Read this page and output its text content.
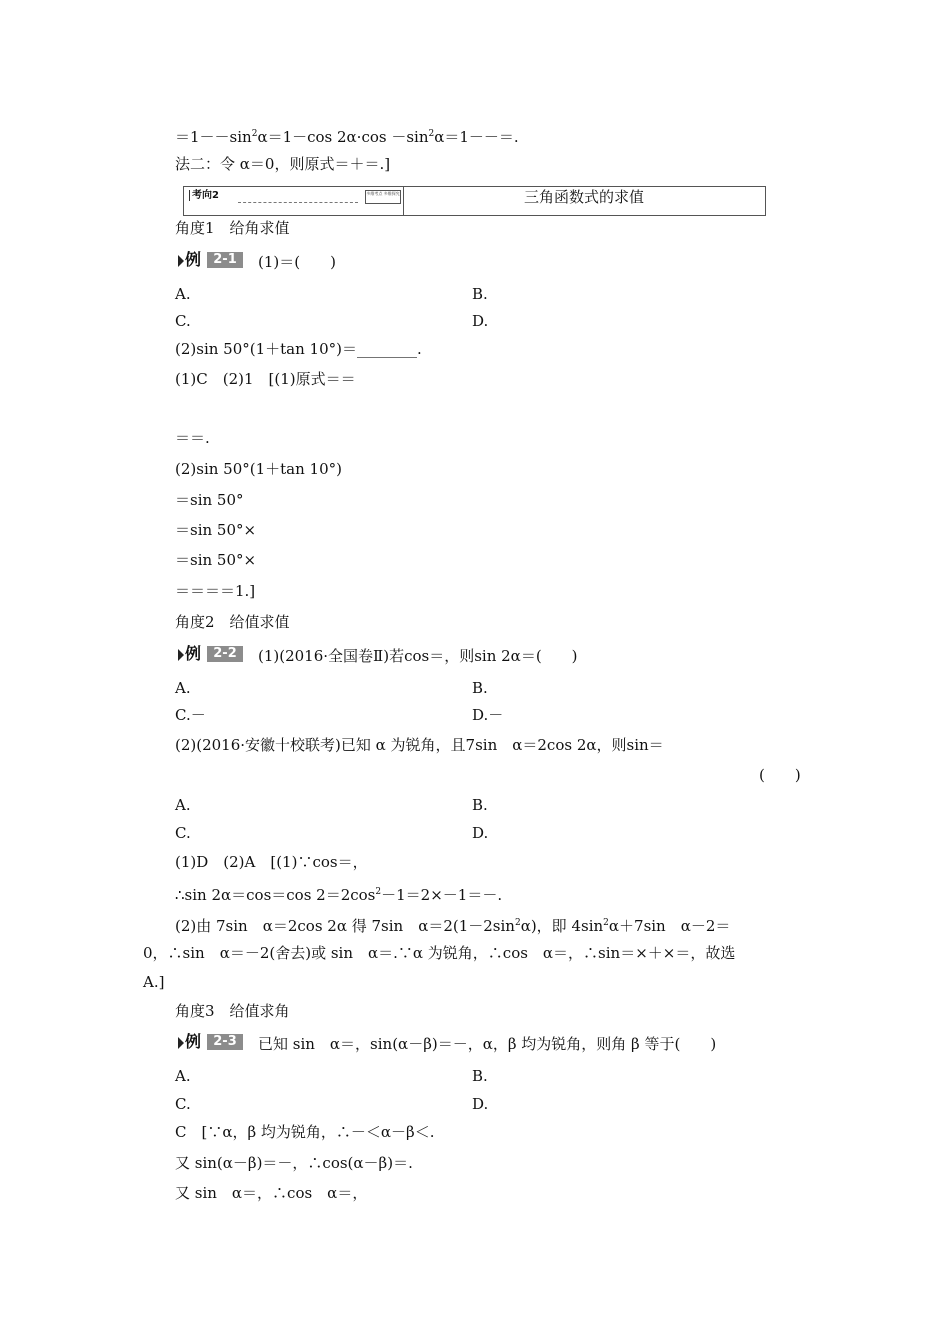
$=1--\sin^2\alpha=1-\cos$ $2\alpha\cdot\cos -\sin^2\alpha=1--=$.
法二：令 α＝0，则原式＝＋＝.]
考向2	多维考点 多维探究	三角函数式的求值
角度1　给角求值
例 2-1	(1)＝(　　)
A.	B.
C.	D.
(2)sin 50°(1＋tan 10°)＝________.
(1)C　(2)1　[(1)原式＝＝
＝＝.
(2)sin 50°(1＋tan 10°)
＝sin 50°
＝sin 50°×
＝sin 50°×
＝＝＝＝1.]
角度2　给值求值
例 2-2	(1)(2016·全国卷Ⅱ)若cos＝，则sin 2α＝(　　)
A.	B.
C.－	D.－
(2)(2016·安徽十校联考)已知 α 为锐角，且7sin　α＝2cos 2α，则sin＝
(　　)
A.	B.
C.	D.
(1)D　(2)A　[(1)∵cos＝，
∴sin 2α＝cos＝cos $2=2\cos^2-1=2\times-1=-$.
(2)由 7sin　α＝2cos 2α 得 7sin　$\alpha=2(1-2\sin^2\alpha)$，即 $4\sin^2\alpha+7\sin$　α－2＝
0，∴sin　α＝－2(舍去)或 sin　α＝.∵α 为锐角，∴cos　α＝，∴sin＝×＋×＝，故选
A.]
角度3　给值求角
例 2-3	已知 sin　α＝，sin(α－β)＝－，α，β 均为锐角，则角 β 等于(　　)
A.	B.
C.	D.
C　[∵α，β 均为锐角，∴－＜α－β＜.
又 sin(α－β)＝－，∴cos(α－β)＝.
又 sin　α＝，∴cos　α＝，
